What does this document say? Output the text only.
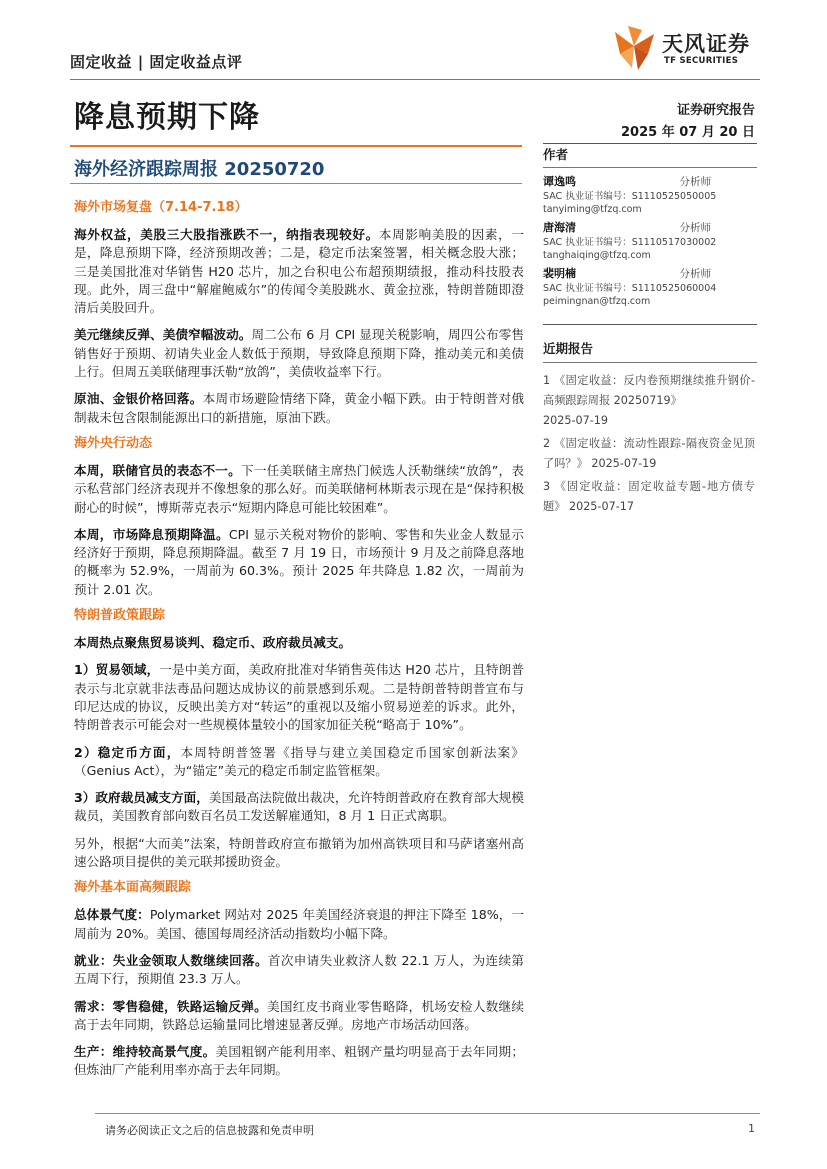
固定收益 | 固定收益点评
天风证券
TF SECURITIES
降息预期下降	证券研究报告
2025 年 07 月 20 日
海外经济跟踪周报 20250720
海外市场复盘（7.14-7.18）
海外权益，美股三大股指涨跌不一，纳指表现较好。本周影响美股的因素，一是，降息预期下降，经济预期改善；二是，稳定币法案签署，相关概念股大涨；三是美国批准对华销售 H20 芯片，加之台积电公布超预期绩报，推动科技股表现。此外，周三盘中“解雇鲍威尔”的传闻令美股跳水、黄金拉涨，特朗普随即澄清后美股回升。
美元继续反弹、美债窄幅波动。周二公布 6 月 CPI 显现关税影响，周四公布零售销售好于预期、初请失业金人数低于预期，导致降息预期下降，推动美元和美债上行。但周五美联储理事沃勒“放鸽”，美债收益率下行。
原油、金银价格回落。本周市场避险情绪下降，黄金小幅下跌。由于特朗普对俄制裁未包含限制能源出口的新措施，原油下跌。
海外央行动态
本周，联储官员的表态不一。下一任美联储主席热门候选人沃勒继续“放鸽”，表示私营部门经济表现并不像想象的那么好。而美联储柯林斯表示现在是“保持积极耐心的时候”，博斯蒂克表示“短期内降息可能比较困难”。
本周，市场降息预期降温。CPI 显示关税对物价的影响、零售和失业金人数显示经济好于预期，降息预期降温。截至 7 月 19 日，市场预计 9 月及之前降息落地的概率为 52.9%，一周前为 60.3%。预计 2025 年共降息 1.82 次，一周前为预计 2.01 次。
特朗普政策跟踪
本周热点聚焦贸易谈判、稳定币、政府裁员减支。
1）贸易领域，一是中美方面，美政府批准对华销售英伟达 H20 芯片，且特朗普表示与北京就非法毒品问题达成协议的前景感到乐观。二是特朗普特朗普宣布与印尼达成的协议，反映出美方对“转运”的重视以及缩小贸易逆差的诉求。此外，特朗普表示可能会对一些规模体量较小的国家加征关税“略高于 10%”。
2）稳定币方面，本周特朗普签署《指导与建立美国稳定币国家创新法案》（Genius Act），为“锚定”美元的稳定币制定监管框架。
3）政府裁员减支方面，美国最高法院做出裁决，允许特朗普政府在教育部大规模裁员，美国教育部向数百名员工发送解雇通知，8 月 1 日正式离职。
另外，根据“大而美”法案，特朗普政府宣布撤销为加州高铁项目和马萨诸塞州高速公路项目提供的美元联邦援助资金。
海外基本面高频跟踪
总体景气度：Polymarket 网站对 2025 年美国经济衰退的押注下降至 18%，一周前为 20%。美国、德国每周经济活动指数均小幅下降。
就业：失业金领取人数继续回落。首次申请失业救济人数 22.1 万人，为连续第五周下行，预期值 23.3 万人。
需求：零售稳健，铁路运输反弹。美国红皮书商业零售略降，机场安检人数继续高于去年同期，铁路总运输量同比增速显著反弹。房地产市场活动回落。
生产：维持较高景气度。美国粗钢产能利用率、粗钢产量均明显高于去年同期；但炼油厂产能利用率亦高于去年同期。
作者
谭逸鸣	分析师
SAC 执业证书编号：S1110525050005
tanyiming@tfzq.com
唐海清	分析师
SAC 执业证书编号：S1110517030002
tanghaiqing@tfzq.com
裴明楠	分析师
SAC 执业证书编号：S1110525060004
peimingnan@tfzq.com
近期报告
1 《固定收益：反内卷预期继续推升钢价-高频跟踪周报 20250719》
2025-07-19
2 《固定收益：流动性跟踪-隔夜资金见顶了吗？》 2025-07-19
3 《固定收益：固定收益专题-地方债专题》 2025-07-17
请务必阅读正文之后的信息披露和免责申明	1
